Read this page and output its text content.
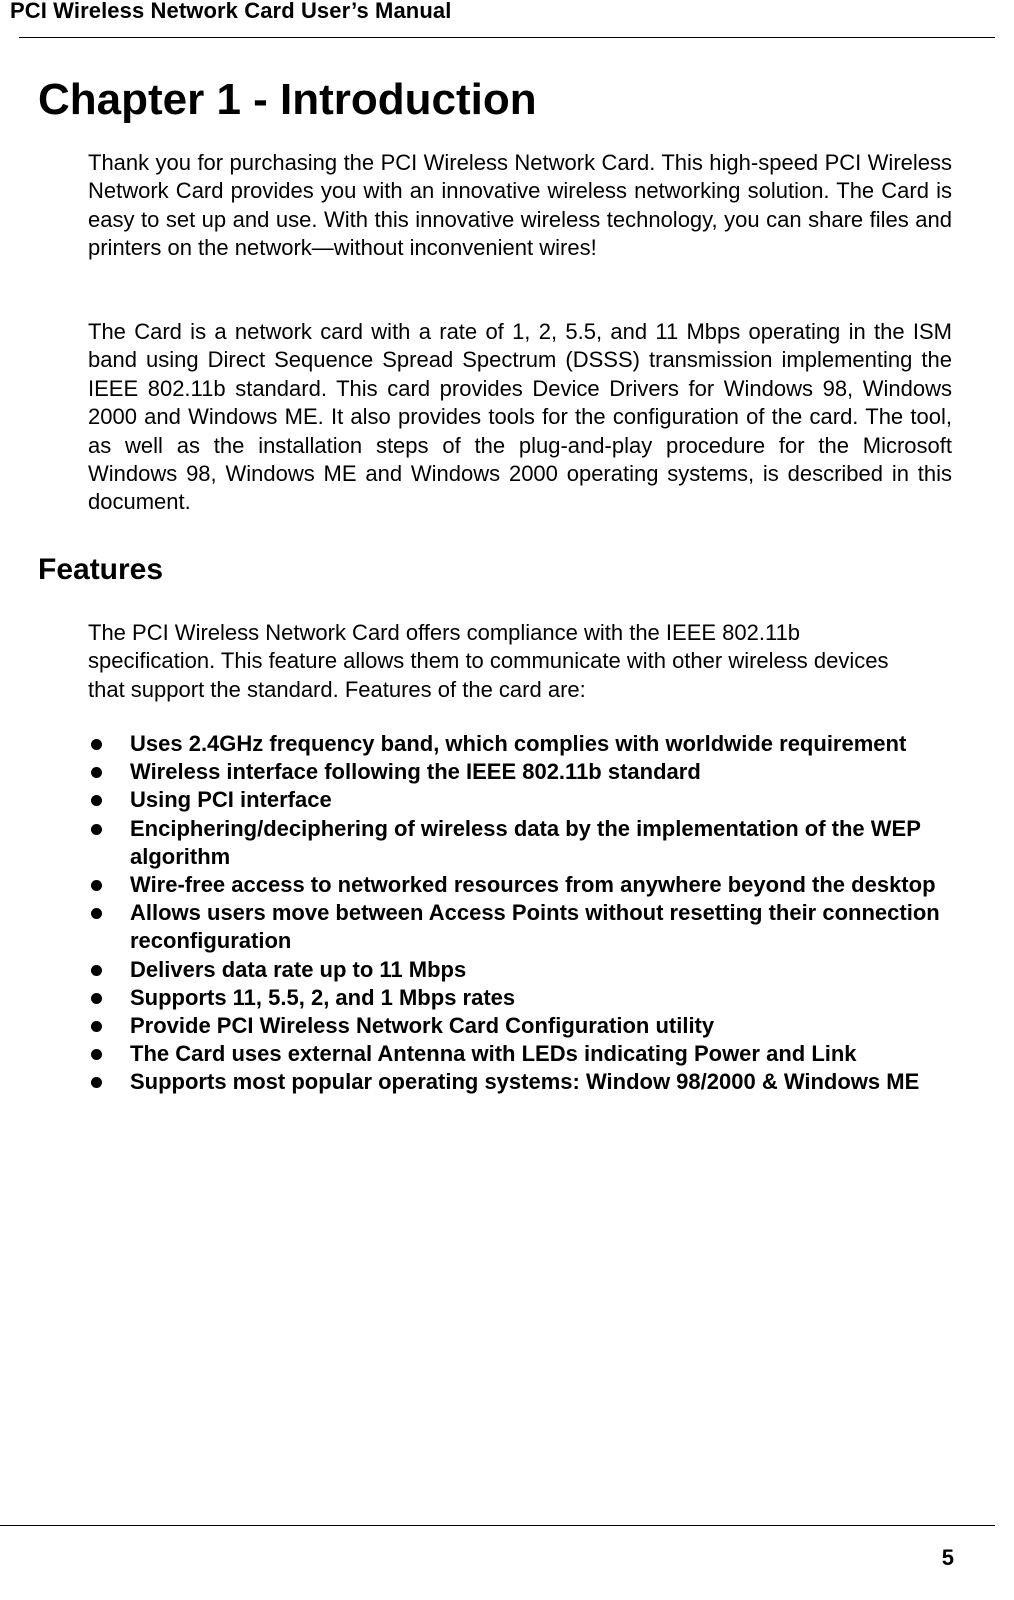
PCI Wireless Network Card User’s Manual
Chapter 1 - Introduction

Thank you for purchasing the PCI Wireless Network Card. This high-speed PCI Wireless Network Card provides you with an innovative wireless networking solution. The Card is easy to set up and use. With this innovative wireless technology, you can share files and printers on the network—without inconvenient wires!

The Card is a network card with a rate of 1, 2, 5.5, and 11 Mbps operating in the ISM band using Direct Sequence Spread Spectrum (DSSS) transmission implementing the IEEE 802.11b standard. This card provides Device Drivers for Windows 98, Windows 2000 and Windows ME. It also provides tools for the configuration of the card. The tool, as well as the installation steps of the plug-and-play procedure for the Microsoft Windows 98, Windows ME and Windows 2000 operating systems, is described in this document.

Features

The PCI Wireless Network Card offers compliance with the IEEE 802.11b specification. This feature allows them to communicate with other wireless devices that support the standard. Features of the card are:

Uses 2.4GHz frequency band, which complies with worldwide requirement
Wireless interface following the IEEE 802.11b standard
Using PCI interface
Enciphering/deciphering of wireless data by the implementation of the WEP algorithm
Wire-free access to networked resources from anywhere beyond the desktop
Allows users move between Access Points without resetting their connection reconfiguration
Delivers data rate up to 11 Mbps
Supports 11, 5.5, 2, and 1 Mbps rates
Provide PCI Wireless Network Card Configuration utility
The Card uses external Antenna with LEDs indicating Power and Link
Supports most popular operating systems: Window 98/2000 & Windows ME
5
